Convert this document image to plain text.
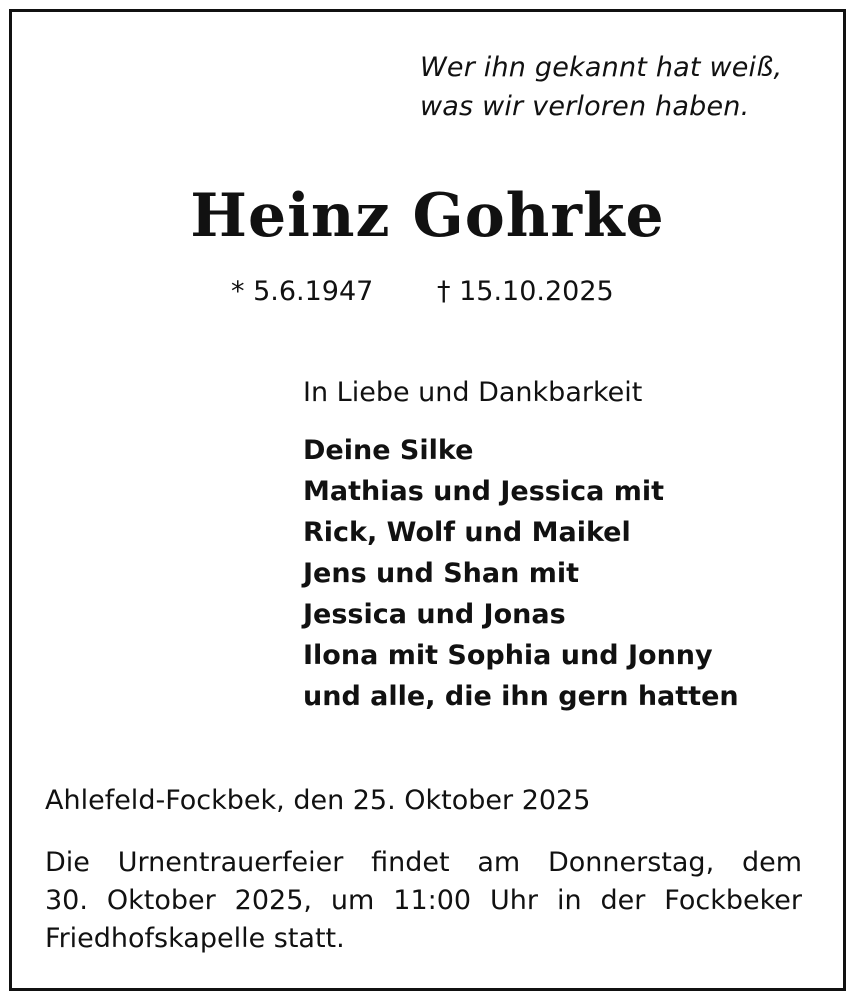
Wer ihn gekannt hat weiß,
was wir verloren haben.
Heinz Gohrke
* 5.6.1947 † 15.10.2025
In Liebe und Dankbarkeit
Deine Silke
Mathias und Jessica mit
Rick, Wolf und Maikel
Jens und Shan mit
Jessica und Jonas
Ilona mit Sophia und Jonny
und alle, die ihn gern hatten
Ahlefeld-Fockbek, den 25. Oktober 2025
Die Urnentrauerfeier findet am Donnerstag, dem
30. Oktober 2025, um 11:00 Uhr in der Fockbeker
Friedhofskapelle statt.
